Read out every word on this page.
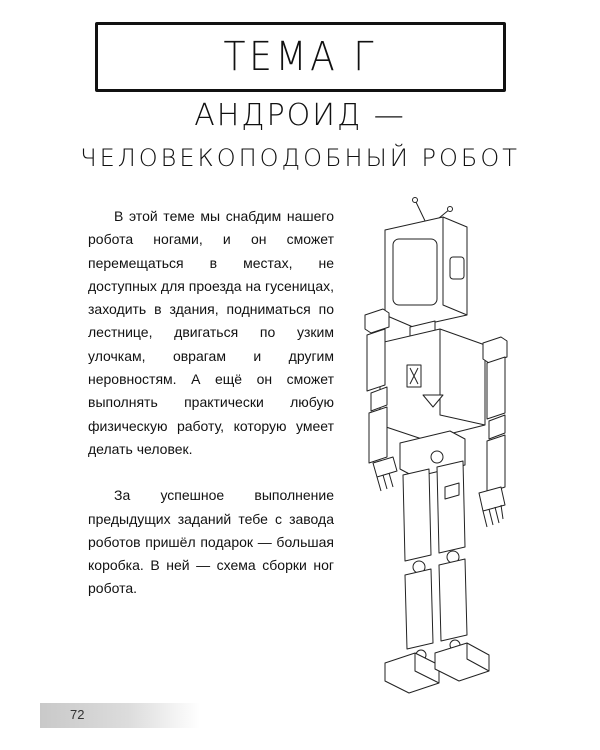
ТЕМА Г
АНДРОИД —
ЧЕЛОВЕКОПОДОБНЫЙ РОБОТ

В этой теме мы снабдим нашего робота ногами, и он сможет перемещаться в местах, не доступных для проезда на гусеницах, заходить в здания, подниматься по лестнице, двигаться по узким улочкам, оврагам и другим неровностям. А ещё он сможет выполнять практически любую физическую работу, которую умеет делать человек.

За успешное выполнение предыдущих заданий тебе с завода роботов пришёл подарок — большая коробка. В ней — схема сборки ног робота.

72
